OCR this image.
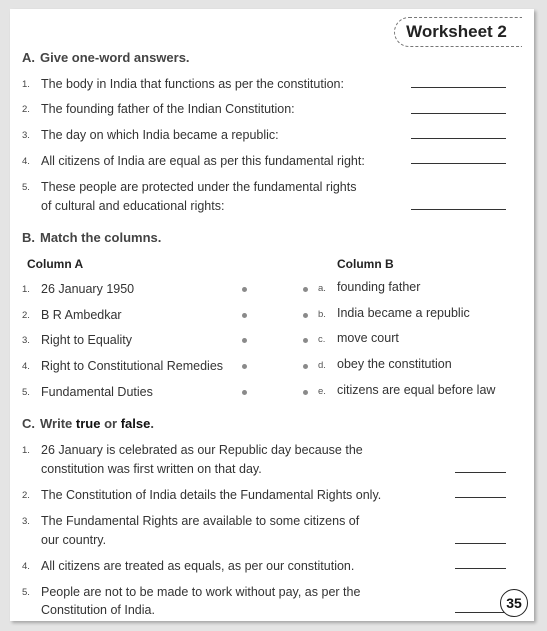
Worksheet 2
A. Give one-word answers.
1. The body in India that functions as per the constitution:
2. The founding father of the Indian Constitution:
3. The day on which India became a republic:
4. All citizens of India are equal as per this fundamental right:
5. These people are protected under the fundamental rights
of cultural and educational rights:
B. Match the columns.
Column A	Column B
1. 26 January 1950	a. founding father
2. B R Ambedkar	b. India became a republic
3. Right to Equality	c. move court
4. Right to Constitutional Remedies	d. obey the constitution
5. Fundamental Duties	e. citizens are equal before law
C. Write true or false.
1. 26 January is celebrated as our Republic day because the
constitution was first written on that day.
2. The Constitution of India details the Fundamental Rights only.
3. The Fundamental Rights are available to some citizens of
our country.
4. All citizens are treated as equals, as per our constitution.
5. People are not to be made to work without pay, as per the
Constitution of India.	35
